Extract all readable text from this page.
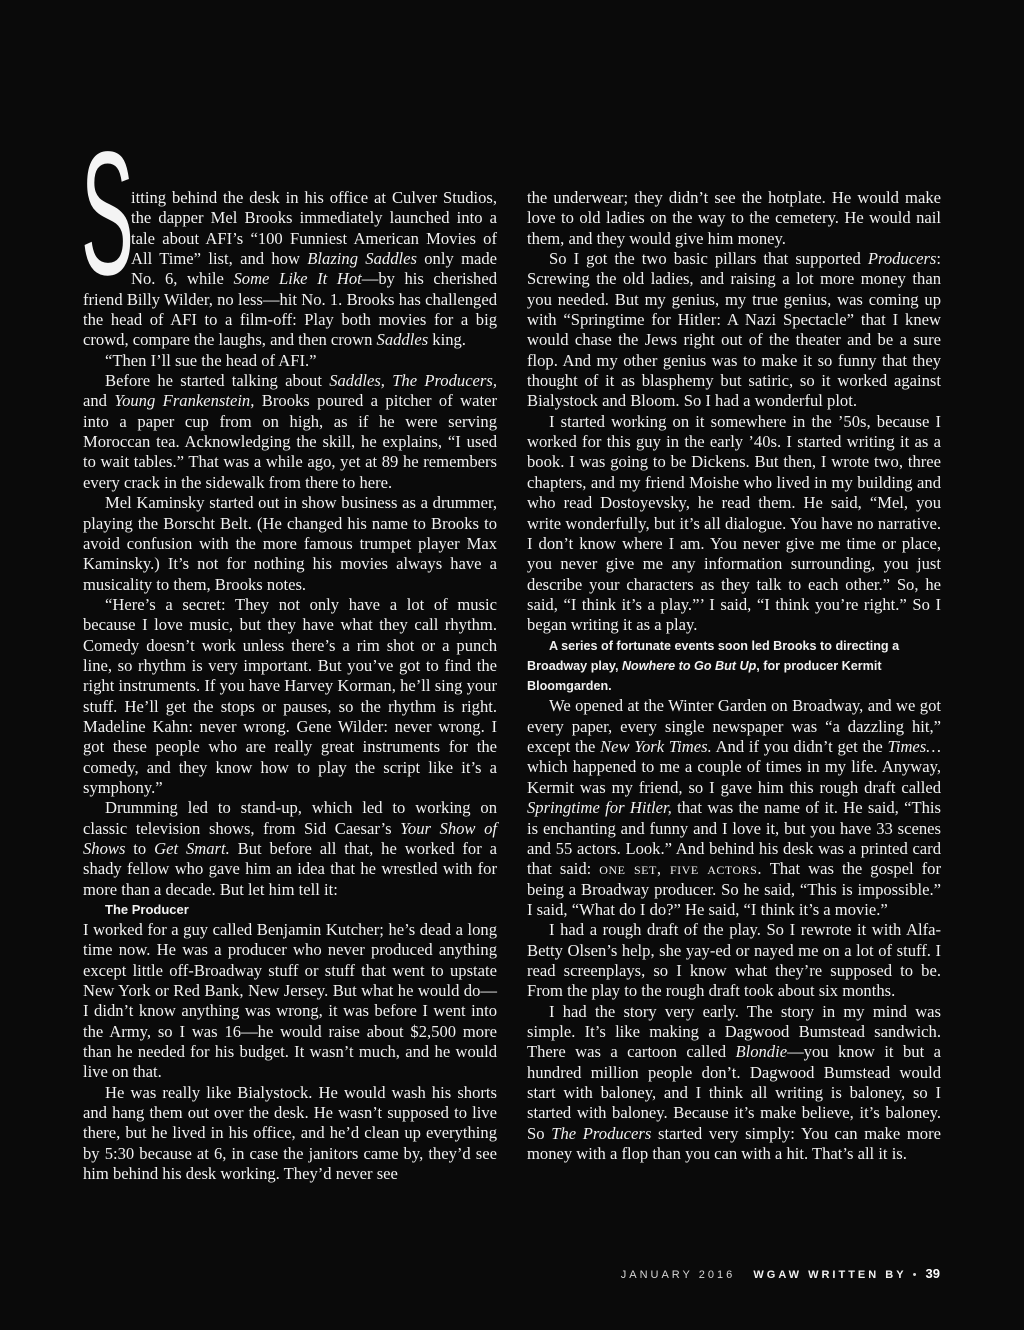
S
itting behind the desk in his office at Culver Studios, the dapper Mel Brooks immediately launched into a tale about AFI’s “100 Funniest American Movies of All Time” list, and how Blazing Saddles only made No. 6, while Some Like It Hot—by his cherished friend Billy Wilder, no less—hit No. 1. Brooks has challenged the head of AFI to a film-off: Play both movies for a big crowd, compare the laughs, and then crown Saddles king.

“Then I’ll sue the head of AFI.”

Before he started talking about Saddles, The Producers, and Young Frankenstein, Brooks poured a pitcher of water into a paper cup from on high, as if he were serving Moroccan tea. Acknowledging the skill, he explains, “I used to wait tables.” That was a while ago, yet at 89 he remembers every crack in the sidewalk from there to here.

Mel Kaminsky started out in show business as a drummer, playing the Borscht Belt. (He changed his name to Brooks to avoid confusion with the more famous trumpet player Max Kaminsky.) It’s not for nothing his movies always have a musicality to them, Brooks notes.

“Here’s a secret: They not only have a lot of music because I love music, but they have what they call rhythm. Comedy doesn’t work unless there’s a rim shot or a punch line, so rhythm is very important. But you’ve got to find the right instruments. If you have Harvey Korman, he’ll sing your stuff. He’ll get the stops or pauses, so the rhythm is right. Madeline Kahn: never wrong. Gene Wilder: never wrong. I got these people who are really great instruments for the comedy, and they know how to play the script like it’s a symphony.”

Drumming led to stand-up, which led to working on classic television shows, from Sid Caesar’s Your Show of Shows to Get Smart. But before all that, he worked for a shady fellow who gave him an idea that he wrestled with for more than a decade. But let him tell it:

The Producer

I worked for a guy called Benjamin Kutcher; he’s dead a long time now. He was a producer who never produced anything except little off-Broadway stuff or stuff that went to upstate New York or Red Bank, New Jersey. But what he would do—I didn’t know anything was wrong, it was before I went into the Army, so I was 16—he would raise about $2,500 more than he needed for his budget. It wasn’t much, and he would live on that.

He was really like Bialystock. He would wash his shorts and hang them out over the desk. He wasn’t supposed to live there, but he lived in his office, and he’d clean up everything by 5:30 because at 6, in case the janitors came by, they’d see him behind his desk working. They’d never see

the underwear; they didn’t see the hotplate. He would make love to old ladies on the way to the cemetery. He would nail them, and they would give him money.

So I got the two basic pillars that supported Producers: Screwing the old ladies, and raising a lot more money than you needed. But my genius, my true genius, was coming up with “Springtime for Hitler: A Nazi Spectacle” that I knew would chase the Jews right out of the theater and be a sure flop. And my other genius was to make it so funny that they thought of it as blasphemy but satiric, so it worked against Bialystock and Bloom. So I had a wonderful plot.

I started working on it somewhere in the ’50s, because I worked for this guy in the early ’40s. I started writing it as a book. I was going to be Dickens. But then, I wrote two, three chapters, and my friend Moishe who lived in my building and who read Dostoyevsky, he read them. He said, “Mel, you write wonderfully, but it’s all dialogue. You have no narrative. I don’t know where I am. You never give me time or place, you never give me any information surrounding, you just describe your characters as they talk to each other.” So, he said, “I think it’s a play.”’ I said, “I think you’re right.” So I began writing it as a play.

A series of fortunate events soon led Brooks to directing a Broadway play, Nowhere to Go But Up, for producer Kermit Bloomgarden.

We opened at the Winter Garden on Broadway, and we got every paper, every single newspaper was “a dazzling hit,” except the New York Times. And if you didn’t get the Times…which happened to me a couple of times in my life. Anyway, Kermit was my friend, so I gave him this rough draft called Springtime for Hitler, that was the name of it. He said, “This is enchanting and funny and I love it, but you have 33 scenes and 55 actors. Look.” And behind his desk was a printed card that said: one set, five actors. That was the gospel for being a Broadway producer. So he said, “This is impossible.” I said, “What do I do?” He said, “I think it’s a movie.”

I had a rough draft of the play. So I rewrote it with Alfa-Betty Olsen’s help, she yay-ed or nayed me on a lot of stuff. I read screenplays, so I know what they’re supposed to be. From the play to the rough draft took about six months.

I had the story very early. The story in my mind was simple. It’s like making a Dagwood Bumstead sandwich. There was a cartoon called Blondie—you know it but a hundred million people don’t. Dagwood Bumstead would start with baloney, and I think all writing is baloney, so I started with baloney. Because it’s make believe, it’s baloney. So The Producers started very simply: You can make more money with a flop than you can with a hit. That’s all it is.

JANUARY 2016 WGAW WRITTEN BY • 39
